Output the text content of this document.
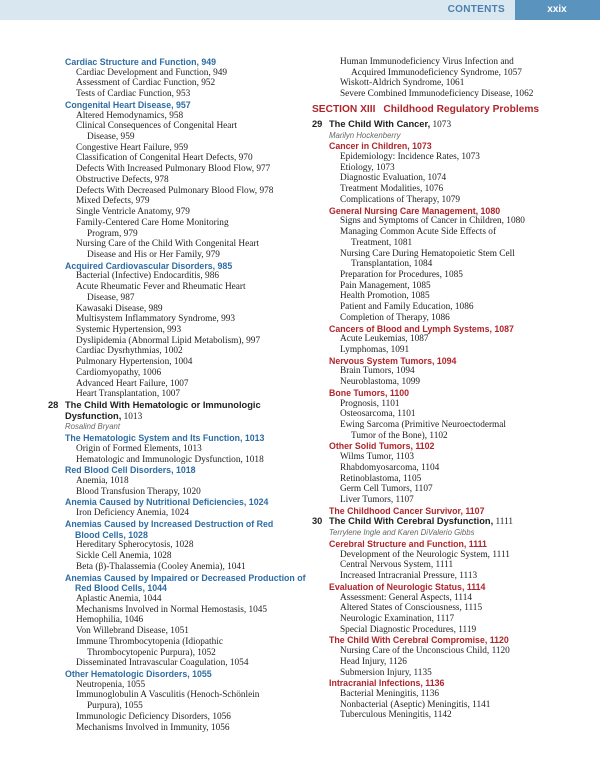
CONTENTS	xxix
Cardiac Structure and Function, 949
Cardiac Development and Function, 949
Assessment of Cardiac Function, 952
Tests of Cardiac Function, 953
Congenital Heart Disease, 957
Altered Hemodynamics, 958
Clinical Consequences of Congenital Heart
Disease, 959
Congestive Heart Failure, 959
Classification of Congenital Heart Defects, 970
Defects With Increased Pulmonary Blood Flow, 977
Obstructive Defects, 978
Defects With Decreased Pulmonary Blood Flow, 978
Mixed Defects, 979
Single Ventricle Anatomy, 979
Family-Centered Care Home Monitoring
Program, 979
Nursing Care of the Child With Congenital Heart
Disease and His or Her Family, 979
Acquired Cardiovascular Disorders, 985
Bacterial (Infective) Endocarditis, 986
Acute Rheumatic Fever and Rheumatic Heart
Disease, 987
Kawasaki Disease, 989
Multisystem Inflammatory Syndrome, 993
Systemic Hypertension, 993
Dyslipidemia (Abnormal Lipid Metabolism), 997
Cardiac Dysrhythmias, 1002
Pulmonary Hypertension, 1004
Cardiomyopathy, 1006
Advanced Heart Failure, 1007
Heart Transplantation, 1007
28 The Child With Hematologic or Immunologic
Dysfunction, 1013
Rosalind Bryant
The Hematologic System and Its Function, 1013
Origin of Formed Elements, 1013
Hematologic and Immunologic Dysfunction, 1018
Red Blood Cell Disorders, 1018
Anemia, 1018
Blood Transfusion Therapy, 1020
Anemia Caused by Nutritional Deficiencies, 1024
Iron Deficiency Anemia, 1024
Anemias Caused by Increased Destruction of Red
Blood Cells, 1028
Hereditary Spherocytosis, 1028
Sickle Cell Anemia, 1028
Beta (β)-Thalassemia (Cooley Anemia), 1041
Anemias Caused by Impaired or Decreased Production of
Red Blood Cells, 1044
Aplastic Anemia, 1044
Mechanisms Involved in Normal Hemostasis, 1045
Hemophilia, 1046
Von Willebrand Disease, 1051
Immune Thrombocytopenia (Idiopathic
Thrombocytopenic Purpura), 1052
Disseminated Intravascular Coagulation, 1054
Other Hematologic Disorders, 1055
Neutropenia, 1055
Immunoglobulin A Vasculitis (Henoch-Schönlein
Purpura), 1055
Immunologic Deficiency Disorders, 1056
Mechanisms Involved in Immunity, 1056
Human Immunodeficiency Virus Infection and
Acquired Immunodeficiency Syndrome, 1057
Wiskott-Aldrich Syndrome, 1061
Severe Combined Immunodeficiency Disease, 1062
SECTION XIII Childhood Regulatory Problems
29 The Child With Cancer, 1073
Marilyn Hockenberry
Cancer in Children, 1073
Epidemiology: Incidence Rates, 1073
Etiology, 1073
Diagnostic Evaluation, 1074
Treatment Modalities, 1076
Complications of Therapy, 1079
General Nursing Care Management, 1080
Signs and Symptoms of Cancer in Children, 1080
Managing Common Acute Side Effects of
Treatment, 1081
Nursing Care During Hematopoietic Stem Cell
Transplantation, 1084
Preparation for Procedures, 1085
Pain Management, 1085
Health Promotion, 1085
Patient and Family Education, 1086
Completion of Therapy, 1086
Cancers of Blood and Lymph Systems, 1087
Acute Leukemias, 1087
Lymphomas, 1091
Nervous System Tumors, 1094
Brain Tumors, 1094
Neuroblastoma, 1099
Bone Tumors, 1100
Prognosis, 1101
Osteosarcoma, 1101
Ewing Sarcoma (Primitive Neuroectodermal
Tumor of the Bone), 1102
Other Solid Tumors, 1102
Wilms Tumor, 1103
Rhabdomyosarcoma, 1104
Retinoblastoma, 1105
Germ Cell Tumors, 1107
Liver Tumors, 1107
The Childhood Cancer Survivor, 1107
30 The Child With Cerebral Dysfunction, 1111
Terrylene Ingle and Karen DiValerio Gibbs
Cerebral Structure and Function, 1111
Development of the Neurologic System, 1111
Central Nervous System, 1111
Increased Intracranial Pressure, 1113
Evaluation of Neurologic Status, 1114
Assessment: General Aspects, 1114
Altered States of Consciousness, 1115
Neurologic Examination, 1117
Special Diagnostic Procedures, 1119
The Child With Cerebral Compromise, 1120
Nursing Care of the Unconscious Child, 1120
Head Injury, 1126
Submersion Injury, 1135
Intracranial Infections, 1136
Bacterial Meningitis, 1136
Nonbacterial (Aseptic) Meningitis, 1141
Tuberculous Meningitis, 1142
